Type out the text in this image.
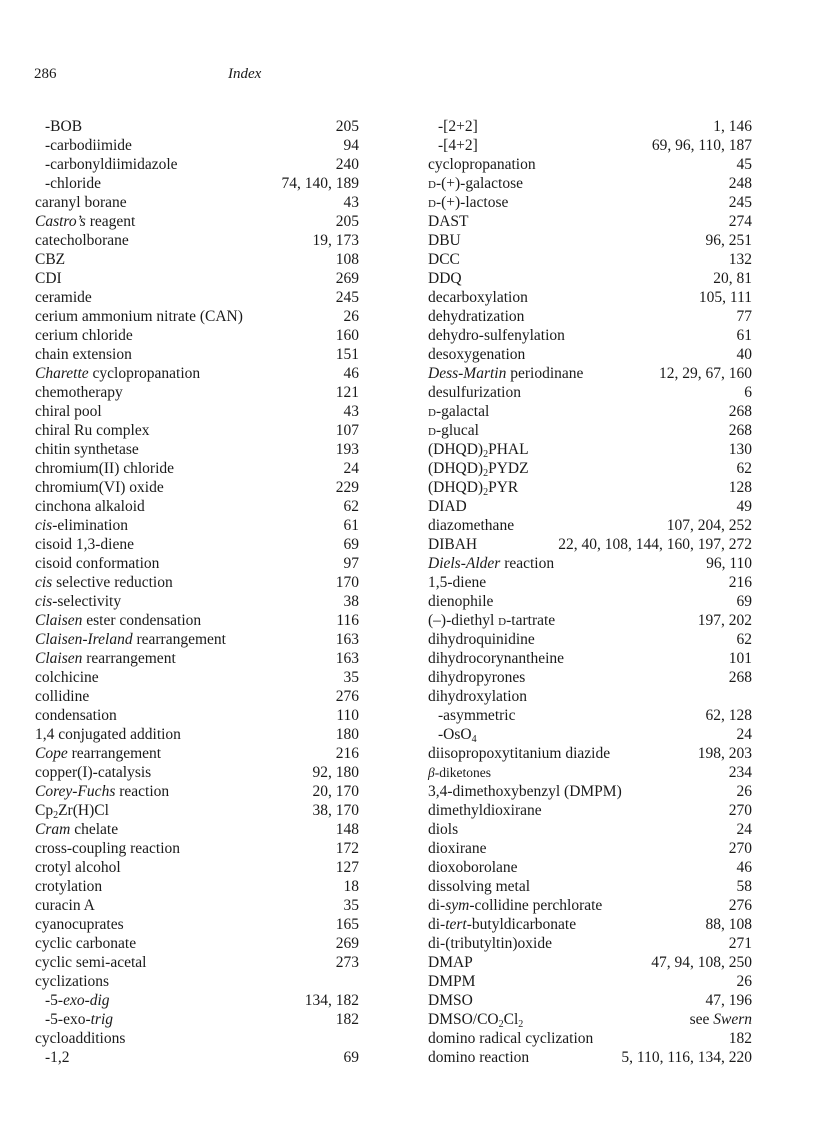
286	Index
-BOB	205
-carbodiimide	94
-carbonyldiimidazole	240
-chloride	74, 140, 189
caranyl borane	43
Castro’s reagent	205
catecholborane	19, 173
CBZ	108
CDI	269
ceramide	245
cerium ammonium nitrate (CAN)	26
cerium chloride	160
chain extension	151
Charette cyclopropanation	46
chemotherapy	121
chiral pool	43
chiral Ru complex	107
chitin synthetase	193
chromium(II) chloride	24
chromium(VI) oxide	229
cinchona alkaloid	62
cis-elimination	61
cisoid 1,3-diene	69
cisoid conformation	97
cis selective reduction	170
cis-selectivity	38
Claisen ester condensation	116
Claisen-Ireland rearrangement	163
Claisen rearrangement	163
colchicine	35
collidine	276
condensation	110
1,4 conjugated addition	180
Cope rearrangement	216
copper(I)-catalysis	92, 180
Corey-Fuchs reaction	20, 170
$Cp_2Zr(H)Cl$	38, 170
Cram chelate	148
cross-coupling reaction	172
crotyl alcohol	127
crotylation	18
curacin A	35
cyanocuprates	165
cyclic carbonate	269
cyclic semi-acetal	273
cyclizations
-5-exo-dig	134, 182
-5-exo-trig	182
cycloadditions
-1,2	69
-[2+2]	1, 146
-[4+2]	69, 96, 110, 187
cyclopropanation	45
D-(+)-galactose	248
D-(+)-lactose	245
DAST	274
DBU	96, 251
DCC	132
DDQ	20, 81
decarboxylation	105, 111
dehydratization	77
dehydro-sulfenylation	61
desoxygenation	40
Dess-Martin periodinane	12, 29, 67, 160
desulfurization	6
D-galactal	268
D-glucal	268
$(DHQD)_2PHAL$	130
$(DHQD)_2PYDZ$	62
$(DHQD)_2PYR$	128
DIAD	49
diazomethane	107, 204, 252
DIBAH	22, 40, 108, 144, 160, 197, 272
Diels-Alder reaction	96, 110
1,5-diene	216
dienophile	69
(–)-diethyl D-tartrate	197, 202
dihydroquinidine	62
dihydrocorynantheine	101
dihydropyrones	268
dihydroxylation
-asymmetric	62, 128
-OsO$_4$	24
diisopropoxytitanium diazide	198, 203
β-diketones	234
3,4-dimethoxybenzyl (DMPM)	26
dimethyldioxirane	270
diols	24
dioxirane	270
dioxoborolane	46
dissolving metal	58
di-sym-collidine perchlorate	276
di-tert-butyldicarbonate	88, 108
di-(tributyltin)oxide	271
DMAP	47, 94, 108, 250
DMPM	26
DMSO	47, 196
DMSO/$CO_2Cl_2$	see Swern
domino radical cyclization	182
domino reaction	5, 110, 116, 134, 220
